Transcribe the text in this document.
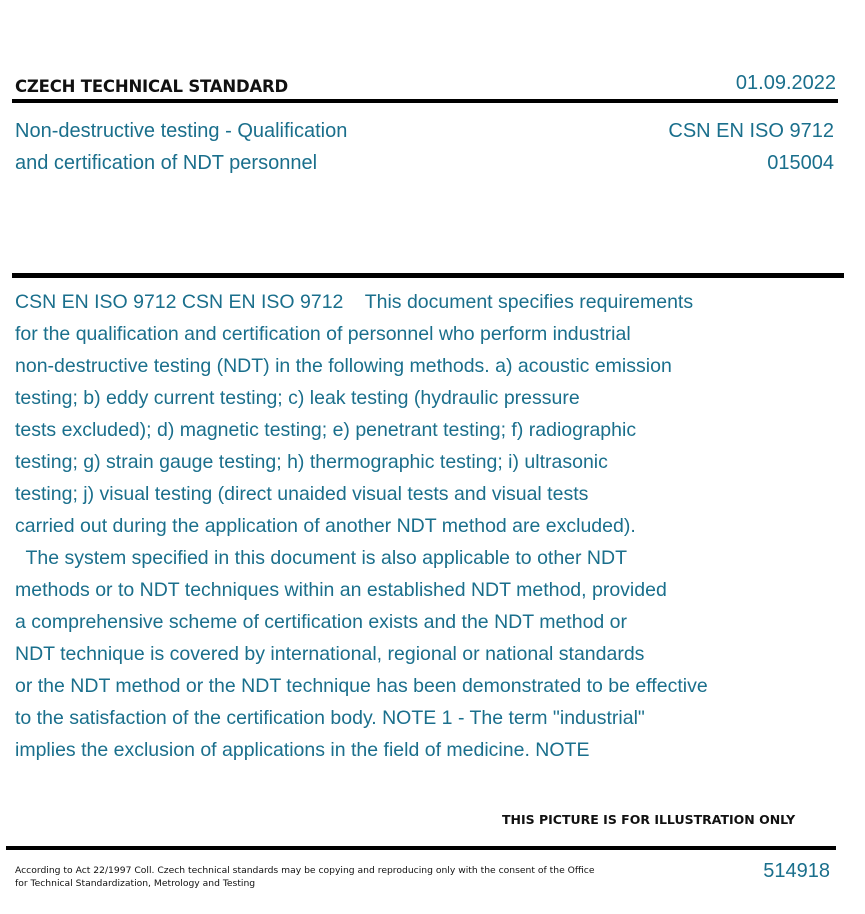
CZECH TECHNICAL STANDARD	01.09.2022
Non-destructive testing - Qualification
and certification of NDT personnel
CSN EN ISO 9712
015004
CSN EN ISO 9712 CSN EN ISO 9712    This document specifies requirements
for the qualification and certification of personnel who perform industrial
non-destructive testing (NDT) in the following methods. a) acoustic emission
testing; b) eddy current testing; c) leak testing (hydraulic pressure
tests excluded); d) magnetic testing; e) penetrant testing; f) radiographic
testing; g) strain gauge testing; h) thermographic testing; i) ultrasonic
testing; j) visual testing (direct unaided visual tests and visual tests
carried out during the application of another NDT method are excluded).
The system specified in this document is also applicable to other NDT
methods or to NDT techniques within an established NDT method, provided
a comprehensive scheme of certification exists and the NDT method or
NDT technique is covered by international, regional or national standards
or the NDT method or the NDT technique has been demonstrated to be effective
to the satisfaction of the certification body. NOTE 1 - The term "industrial"
implies the exclusion of applications in the field of medicine. NOTE
THIS PICTURE IS FOR ILLUSTRATION ONLY
According to Act 22/1997 Coll. Czech technical standards may be copying and reproducing only with the consent of the Office
for Technical Standardization, Metrology and Testing
514918
